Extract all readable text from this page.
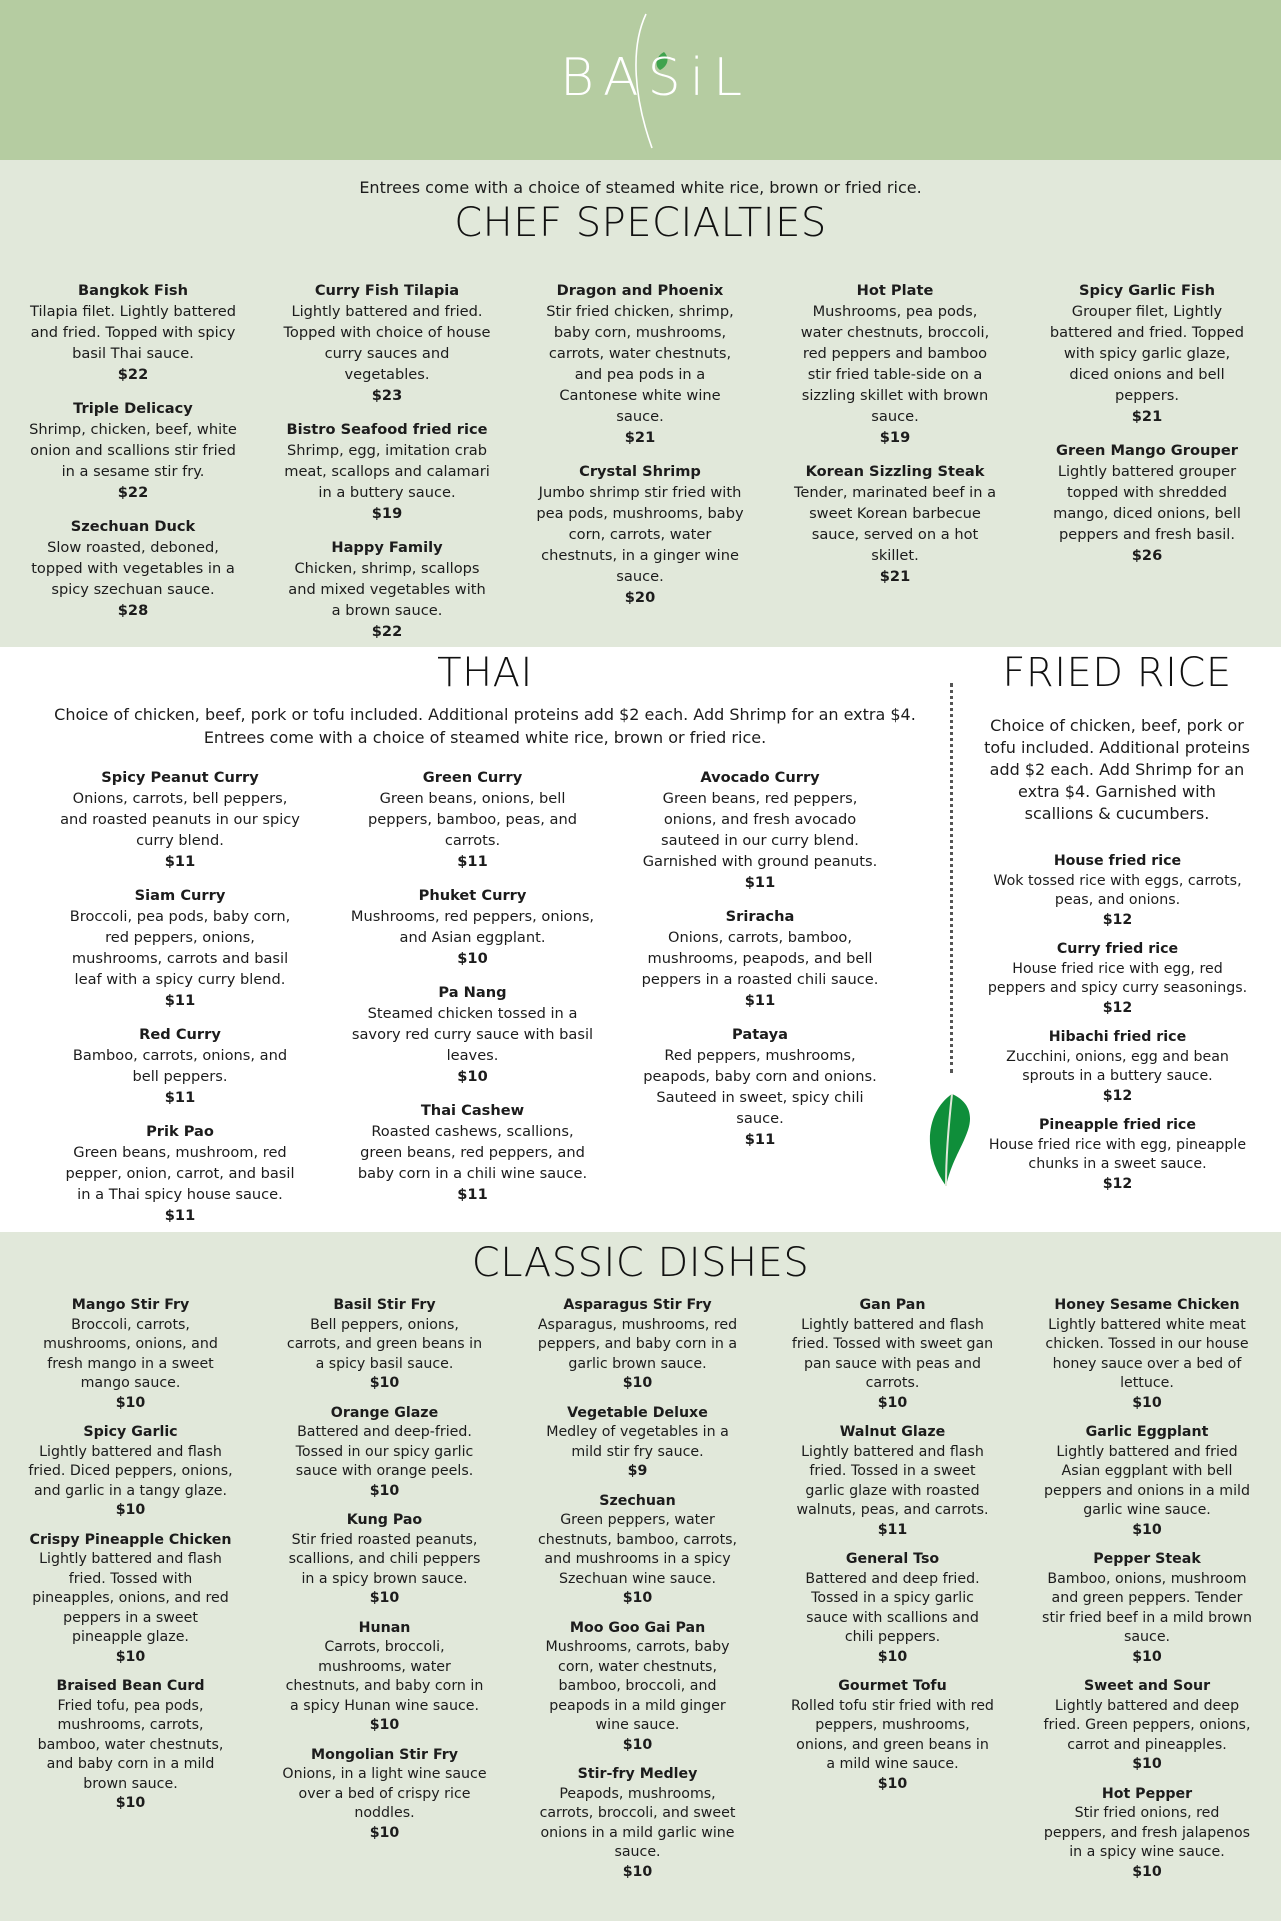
BASiL
Entrees come with a choice of steamed white rice, brown or fried rice.
CHEF SPECIALTIES
Bangkok Fish
Tilapia filet. Lightly battered and fried. Topped with spicy basil Thai sauce.
$22
Triple Delicacy
Shrimp, chicken, beef, white onion and scallions stir fried in a sesame stir fry.
$22
Szechuan Duck
Slow roasted, deboned, topped with vegetables in a spicy szechuan sauce.
$28
Curry Fish Tilapia
Lightly battered and fried. Topped with choice of house curry sauces and vegetables.
$23
Bistro Seafood fried rice
Shrimp, egg, imitation crab meat, scallops and calamari in a buttery sauce.
$19
Happy Family
Chicken, shrimp, scallops and mixed vegetables with a brown sauce.
$22
Dragon and Phoenix
Stir fried chicken, shrimp, baby corn, mushrooms, carrots, water chestnuts, and pea pods in a Cantonese white wine sauce.
$21
Crystal Shrimp
Jumbo shrimp stir fried with pea pods, mushrooms, baby corn, carrots, water chestnuts, in a ginger wine sauce.
$20
Hot Plate
Mushrooms, pea pods, water chestnuts, broccoli, red peppers and bamboo stir fried table-side on a sizzling skillet with brown sauce.
$19
Korean Sizzling Steak
Tender, marinated beef in a sweet Korean barbecue sauce, served on a hot skillet.
$21
Spicy Garlic Fish
Grouper filet, Lightly battered and fried. Topped with spicy garlic glaze, diced onions and bell peppers.
$21
Green Mango Grouper
Lightly battered grouper topped with shredded mango, diced onions, bell peppers and fresh basil.
$26
THAI
Choice of chicken, beef, pork or tofu included. Additional proteins add $2 each. Add Shrimp for an extra $4.
Entrees come with a choice of steamed white rice, brown or fried rice.
Spicy Peanut Curry
Onions, carrots, bell peppers, and roasted peanuts in our spicy curry blend.
$11
Siam Curry
Broccoli, pea pods, baby corn, red peppers, onions, mushrooms, carrots and basil leaf with a spicy curry blend.
$11
Red Curry
Bamboo, carrots, onions, and bell peppers.
$11
Prik Pao
Green beans, mushroom, red pepper, onion, carrot, and basil in a Thai spicy house sauce.
$11
Green Curry
Green beans, onions, bell peppers, bamboo, peas, and carrots.
$11
Phuket Curry
Mushrooms, red peppers, onions, and Asian eggplant.
$10
Pa Nang
Steamed chicken tossed in a savory red curry sauce with basil leaves.
$10
Thai Cashew
Roasted cashews, scallions, green beans, red peppers, and baby corn in a chili wine sauce.
$11
Avocado Curry
Green beans, red peppers, onions, and fresh avocado sauteed in our curry blend. Garnished with ground peanuts.
$11
Sriracha
Onions, carrots, bamboo, mushrooms, peapods, and bell peppers in a roasted chili sauce.
$11
Pataya
Red peppers, mushrooms, peapods, baby corn and onions. Sauteed in sweet, spicy chili sauce.
$11
FRIED RICE
Choice of chicken, beef, pork or tofu included. Additional proteins add $2 each. Add Shrimp for an extra $4. Garnished with scallions & cucumbers.
House fried rice
Wok tossed rice with eggs, carrots, peas, and onions.
$12
Curry fried rice
House fried rice with egg, red peppers and spicy curry seasonings.
$12
Hibachi fried rice
Zucchini, onions, egg and bean sprouts in a buttery sauce.
$12
Pineapple fried rice
House fried rice with egg, pineapple chunks in a sweet sauce.
$12
CLASSIC DISHES
Mango Stir Fry
Broccoli, carrots, mushrooms, onions, and fresh mango in a sweet mango sauce.
$10
Spicy Garlic
Lightly battered and flash fried. Diced peppers, onions, and garlic in a tangy glaze.
$10
Crispy Pineapple Chicken
Lightly battered and flash fried. Tossed with pineapples, onions, and red peppers in a sweet pineapple glaze.
$10
Braised Bean Curd
Fried tofu, pea pods, mushrooms, carrots, bamboo, water chestnuts, and baby corn in a mild brown sauce.
$10
Basil Stir Fry
Bell peppers, onions, carrots, and green beans in a spicy basil sauce.
$10
Orange Glaze
Battered and deep-fried. Tossed in our spicy garlic sauce with orange peels.
$10
Kung Pao
Stir fried roasted peanuts, scallions, and chili peppers in a spicy brown sauce.
$10
Hunan
Carrots, broccoli, mushrooms, water chestnuts, and baby corn in a spicy Hunan wine sauce.
$10
Mongolian Stir Fry
Onions, in a light wine sauce over a bed of crispy rice noddles.
$10
Asparagus Stir Fry
Asparagus, mushrooms, red peppers, and baby corn in a garlic brown sauce.
$10
Vegetable Deluxe
Medley of vegetables in a mild stir fry sauce.
$9
Szechuan
Green peppers, water chestnuts, bamboo, carrots, and mushrooms in a spicy Szechuan wine sauce.
$10
Moo Goo Gai Pan
Mushrooms, carrots, baby corn, water chestnuts, bamboo, broccoli, and peapods in a mild ginger wine sauce.
$10
Stir-fry Medley
Peapods, mushrooms, carrots, broccoli, and sweet onions in a mild garlic wine sauce.
$10
Gan Pan
Lightly battered and flash fried. Tossed with sweet gan pan sauce with peas and carrots.
$10
Walnut Glaze
Lightly battered and flash fried. Tossed in a sweet garlic glaze with roasted walnuts, peas, and carrots.
$11
General Tso
Battered and deep fried. Tossed in a spicy garlic sauce with scallions and chili peppers.
$10
Gourmet Tofu
Rolled tofu stir fried with red peppers, mushrooms, onions, and green beans in a mild wine sauce.
$10
Honey Sesame Chicken
Lightly battered white meat chicken. Tossed in our house honey sauce over a bed of lettuce.
$10
Garlic Eggplant
Lightly battered and fried Asian eggplant with bell peppers and onions in a mild garlic wine sauce.
$10
Pepper Steak
Bamboo, onions, mushroom and green peppers. Tender stir fried beef in a mild brown sauce.
$10
Sweet and Sour
Lightly battered and deep fried. Green peppers, onions, carrot and pineapples.
$10
Hot Pepper
Stir fried onions, red peppers, and fresh jalapenos in a spicy wine sauce.
$10
